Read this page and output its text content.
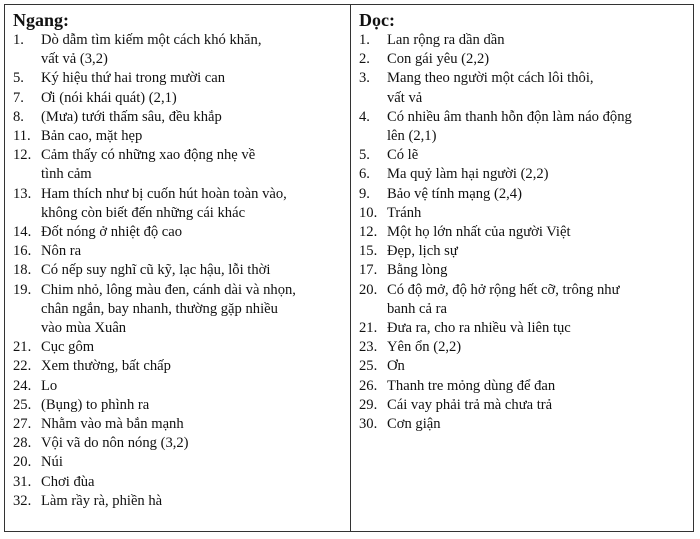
Ngang:
1.	Dò dẫm tìm kiếm một cách khó khăn,
vất vả (3,2)
5.	Ký hiệu thứ hai trong mười can
7.	Ơi (nói khái quát) (2,1)
8.	(Mưa) tưới thấm sâu, đều khắp
11. Bản cao, mặt hẹp
12. Cảm thấy có những xao động nhẹ về
tình cảm
13. Ham thích như bị cuốn hút hoàn toàn vào,
không còn biết đến những cái khác
14. Đốt nóng ở nhiệt độ cao
16. Nôn ra
18. Có nếp suy nghĩ cũ kỹ, lạc hậu, lỗi thời
19. Chim nhỏ, lông màu đen, cánh dài và nhọn,
chân ngắn, bay nhanh, thường gặp nhiều
vào mùa Xuân
21. Cục gôm
22. Xem thường, bất chấp
24. Lo
25. (Bụng) to phình ra
27. Nhằm vào mà bắn mạnh
28. Vội vã do nôn nóng (3,2)
20. Núi
31. Chơi đùa
32. Làm rầy rà, phiền hà
Dọc:
1.	Lan rộng ra dần dần
2.	Con gái yêu (2,2)
3.	Mang theo người một cách lôi thôi,
vất vả
4.	Có nhiều âm thanh hỗn độn làm náo động
lên (2,1)
5.	Có lẽ
6.	Ma quỷ làm hại người (2,2)
9.	Bảo vệ tính mạng (2,4)
10. Tránh
12. Một họ lớn nhất của người Việt
15. Đẹp, lịch sự
17. Bằng lòng
20. Có độ mở, độ hở rộng hết cỡ, trông như
banh cả ra
21. Đưa ra, cho ra nhiều và liên tục
23. Yên ổn (2,2)
25. Ơn
26. Thanh tre mỏng dùng để đan
29. Cái vay phải trả mà chưa trả
30. Cơn giận
